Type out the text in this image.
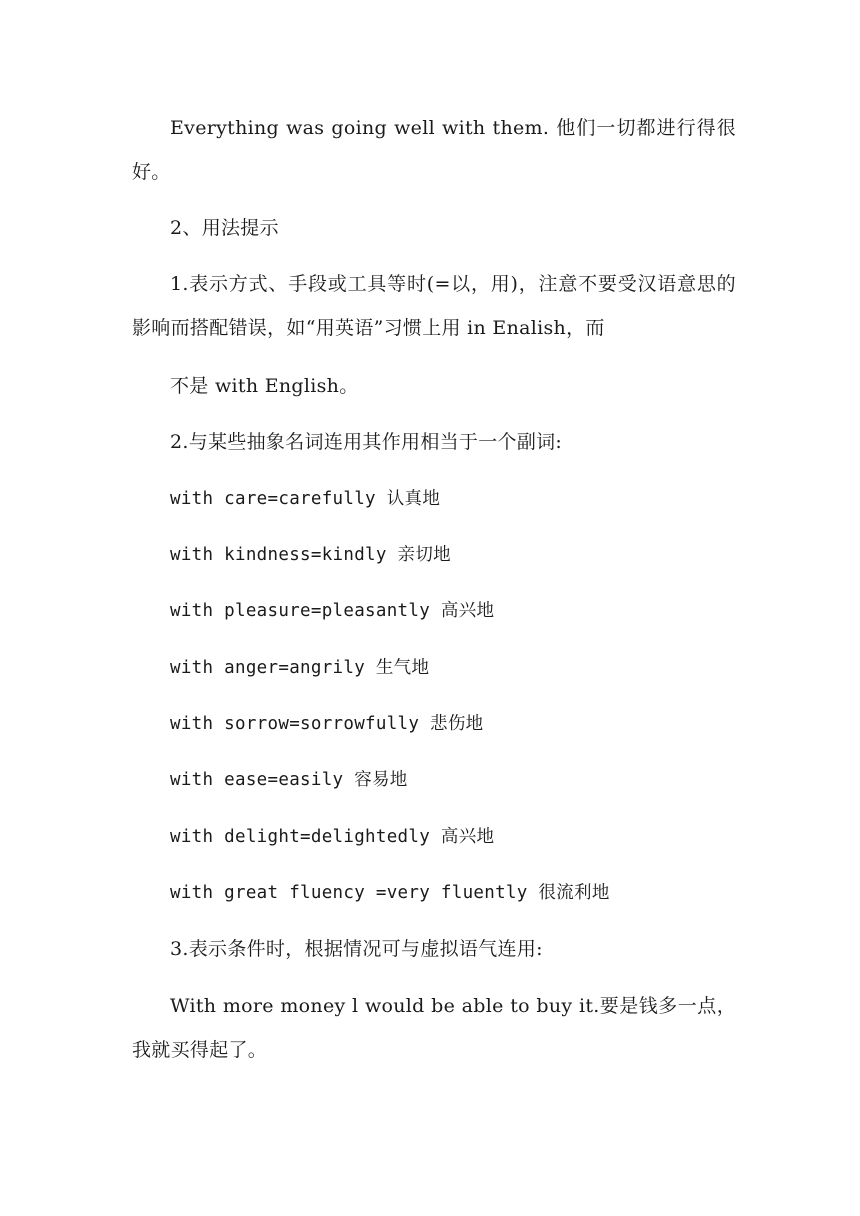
Everything was going well with them. 他们一切都进行得很好。
2、用法提示
1.表示方式、手段或工具等时(=以，用)，注意不要受汉语意思的影响而搭配错误，如“用英语”习惯上用 in Enalish，而
不是 with English。
2.与某些抽象名词连用其作用相当于一个副词:
with care=carefully 认真地
with kindness=kindly 亲切地
with pleasure=pleasantly 高兴地
with anger=angrily 生气地
with sorrow=sorrowfully 悲伤地
with ease=easily 容易地
with delight=delightedly 高兴地
with great fluency =very fluently 很流利地
3.表示条件时，根据情况可与虚拟语气连用:
With more money l would be able to buy it.要是钱多一点，我就买得起了。
